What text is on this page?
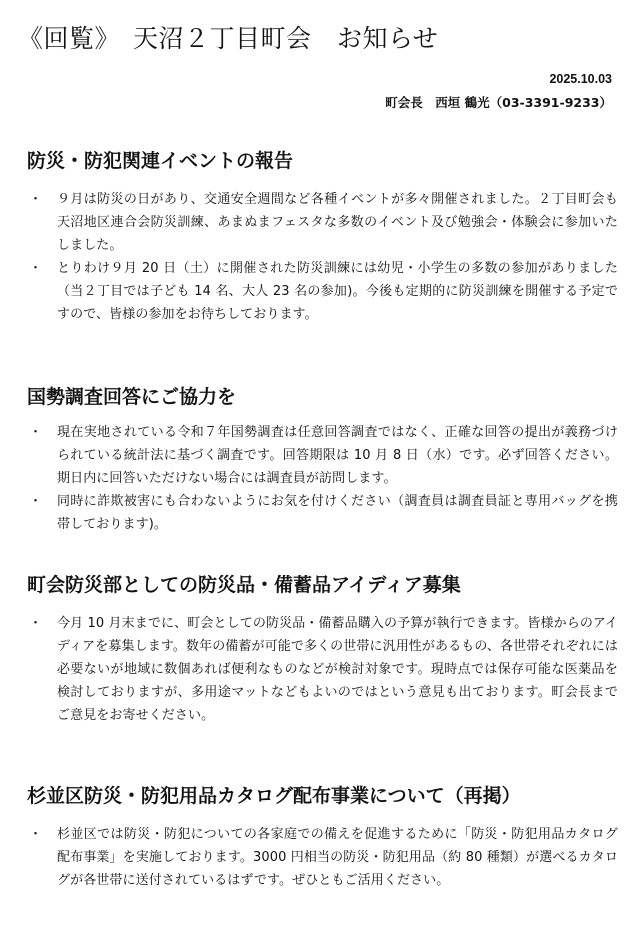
《回覧》　天沼２丁目町会　お知らせ
2025.10.03
町会長　西垣 鶴光（03-3391-9233）
防災・防犯関連イベントの報告
・ ９月は防災の日があり、交通安全週間など各種イベントが多々開催されました。２丁目町会も天沼地区連合会防災訓練、あまぬまフェスタな多数のイベント及び勉強会・体験会に参加いたしました。
・ とりわけ９月 20 日（土）に開催された防災訓練には幼児・小学生の多数の参加がありました（当２丁目では子ども 14 名、大人 23 名の参加)。今後も定期的に防災訓練を開催する予定ですので、皆様の参加をお待ちしております。
国勢調査回答にご協力を
・ 現在実地されている令和７年国勢調査は任意回答調査ではなく、正確な回答の提出が義務づけられている統計法に基づく調査です。回答期限は 10 月 8 日（水）です。必ず回答ください。期日内に回答いただけない場合には調査員が訪問します。
・ 同時に詐欺被害にも合わないようにお気を付けください（調査員は調査員証と専用バッグを携帯しております)。
町会防災部としての防災品・備蓄品アイディア募集
・ 今月 10 月末までに、町会としての防災品・備蓄品購入の予算が執行できます。皆様からのアイディアを募集します。数年の備蓄が可能で多くの世帯に汎用性があるもの、各世帯それぞれには必要ないが地域に数個あれば便利なものなどが検討対象です。現時点では保存可能な医薬品を検討しておりますが、多用途マットなどもよいのではという意見も出ております。町会長までご意見をお寄せください。
杉並区防災・防犯用品カタログ配布事業について（再掲）
・ 杉並区では防災・防犯についての各家庭での備えを促進するために「防災・防犯用品カタログ配布事業」を実施しております。3000 円相当の防災・防犯用品（約 80 種類）が選べるカタログが各世帯に送付されているはずです。ぜひともご活用ください。
